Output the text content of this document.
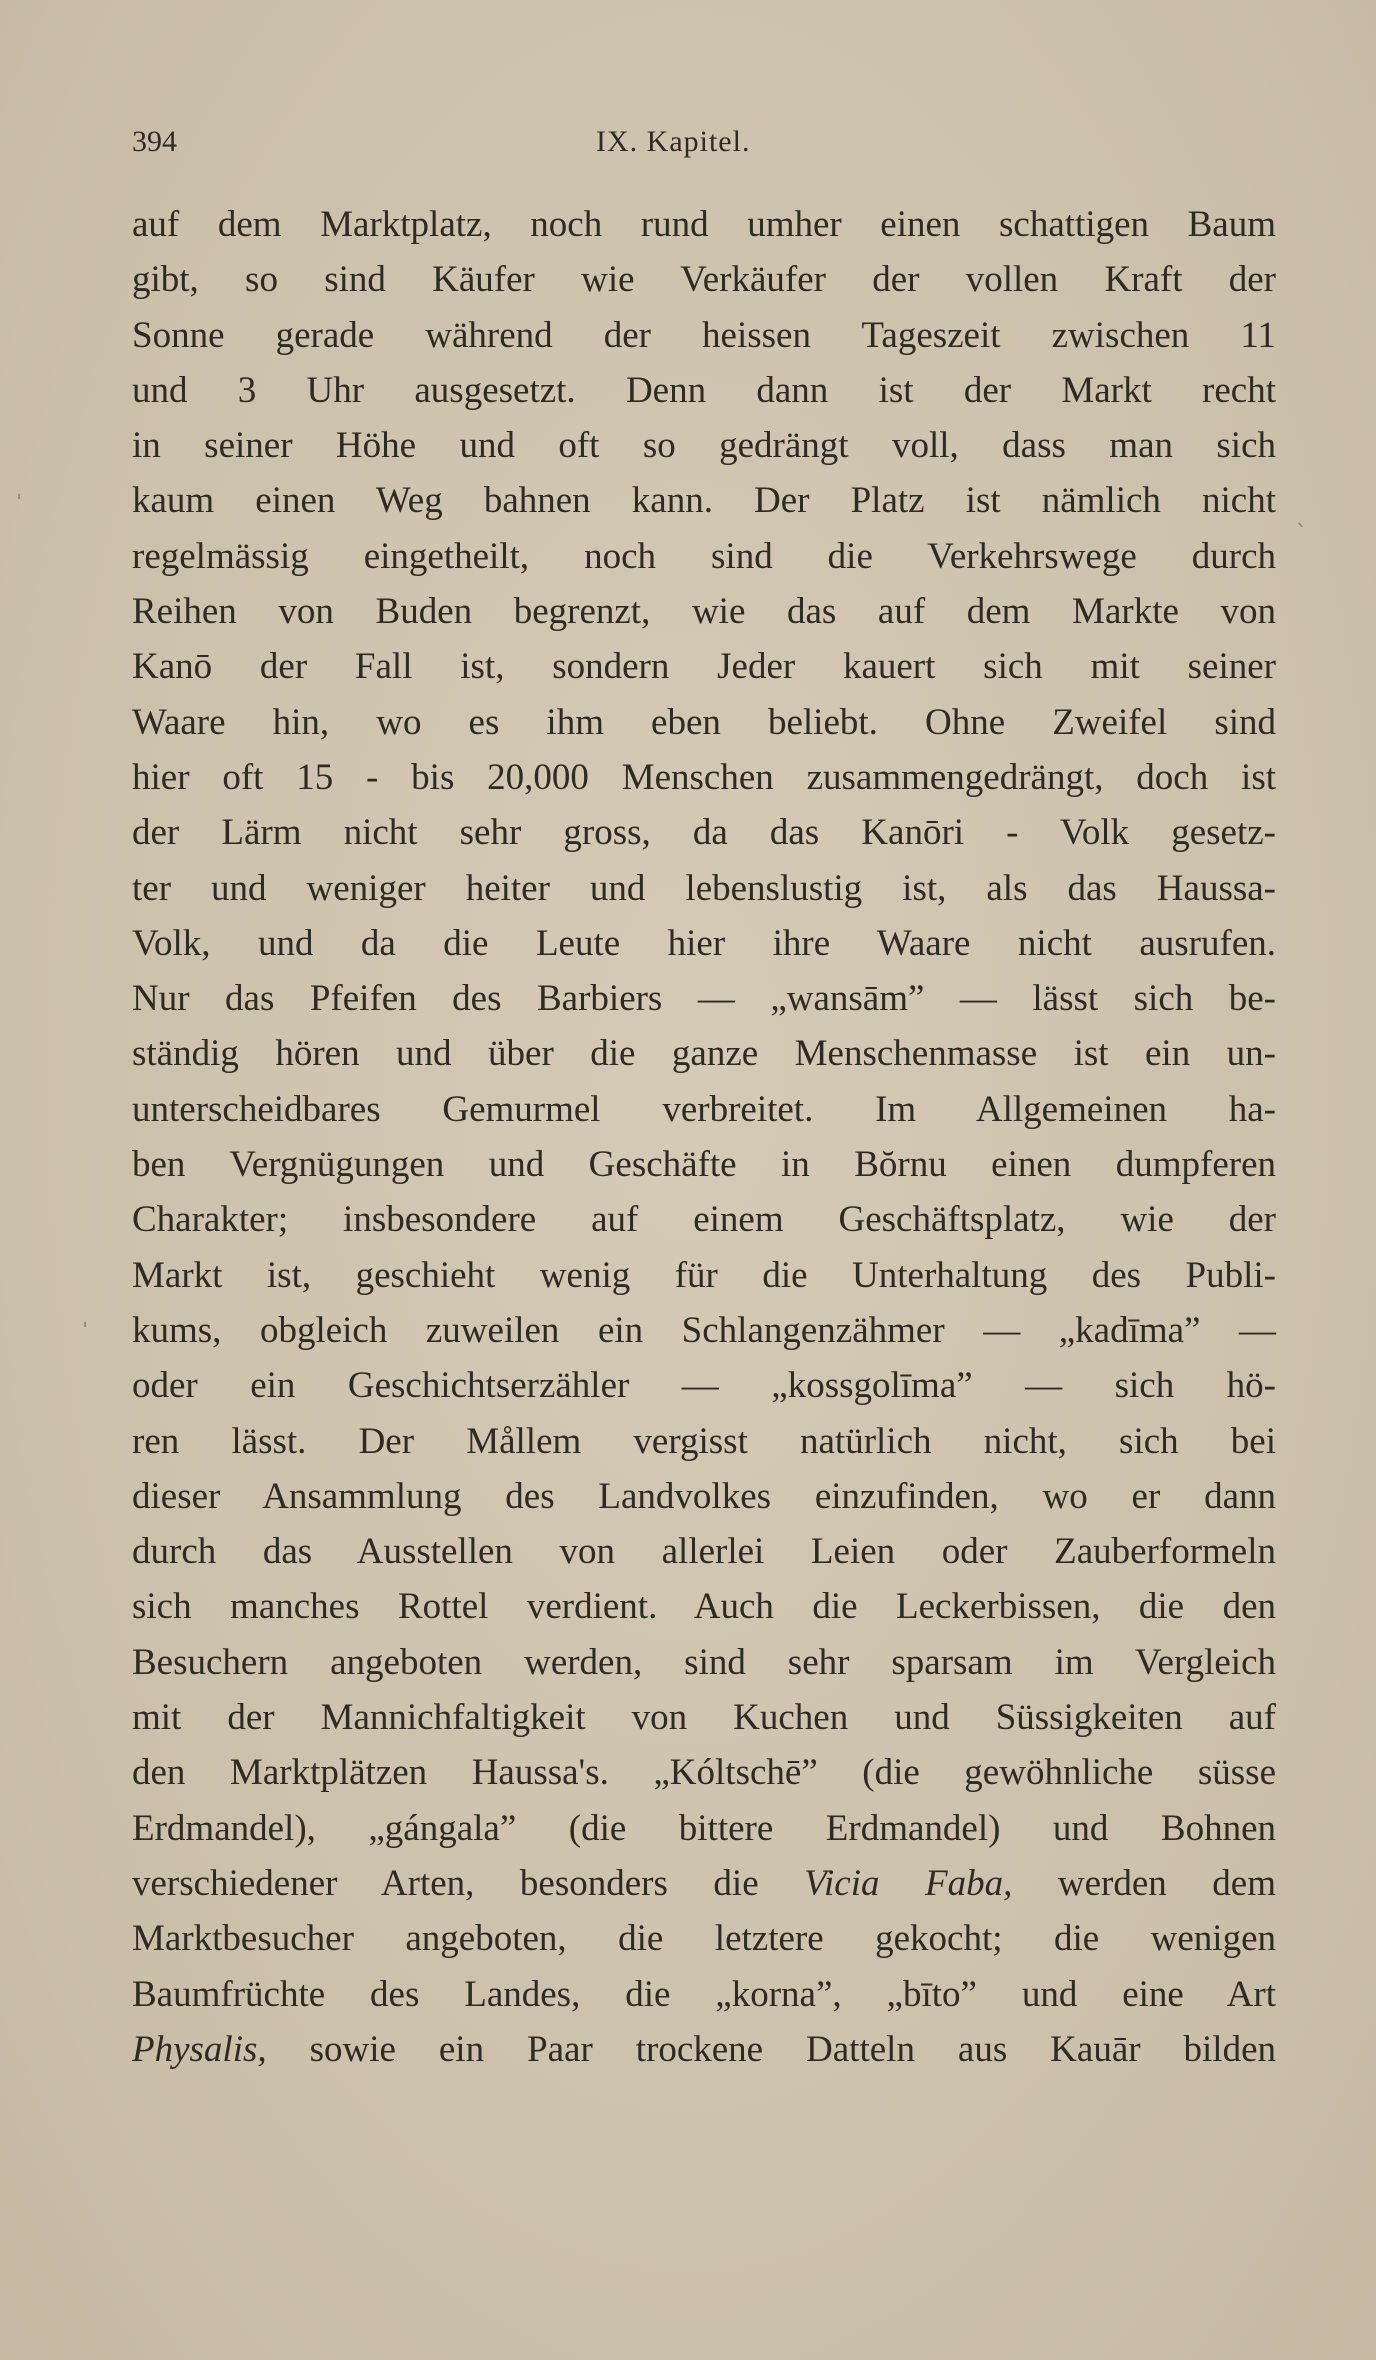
394	IX. Kapitel.
auf dem Marktplatz, noch rund umher einen schattigen Baum
gibt, so sind Käufer wie Verkäufer der vollen Kraft der
Sonne gerade während der heissen Tageszeit zwischen 11
und 3 Uhr ausgesetzt. Denn dann ist der Markt recht
in seiner Höhe und oft so gedrängt voll, dass man sich
kaum einen Weg bahnen kann. Der Platz ist nämlich nicht
regelmässig eingetheilt, noch sind die Verkehrswege durch
Reihen von Buden begrenzt, wie das auf dem Markte von
Kanō der Fall ist, sondern Jeder kauert sich mit seiner
Waare hin, wo es ihm eben beliebt. Ohne Zweifel sind
hier oft 15 - bis 20,000 Menschen zusammengedrängt, doch ist
der Lärm nicht sehr gross, da das Kanōri - Volk gesetz-
ter und weniger heiter und lebenslustig ist, als das Haussa-
Volk, und da die Leute hier ihre Waare nicht ausrufen.
Nur das Pfeifen des Barbiers — „wansām” — lässt sich be-
ständig hören und über die ganze Menschenmasse ist ein un-
unterscheidbares Gemurmel verbreitet. Im Allgemeinen ha-
ben Vergnügungen und Geschäfte in Bŏrnu einen dumpferen
Charakter; insbesondere auf einem Geschäftsplatz, wie der
Markt ist, geschieht wenig für die Unterhaltung des Publi-
kums, obgleich zuweilen ein Schlangenzähmer — „kadīma” —
oder ein Geschichtserzähler — „kossgolīma” — sich hö-
ren lässt. Der Mållem vergisst natürlich nicht, sich bei
dieser Ansammlung des Landvolkes einzufinden, wo er dann
durch das Ausstellen von allerlei Leien oder Zauberformeln
sich manches Rottel verdient. Auch die Leckerbissen, die den
Besuchern angeboten werden, sind sehr sparsam im Vergleich
mit der Mannichfaltigkeit von Kuchen und Süssigkeiten auf
den Marktplätzen Haussa's. „Kóltschē” (die gewöhnliche süsse
Erdmandel), „gángala” (die bittere Erdmandel) und Bohnen
verschiedener Arten, besonders die Vicia Faba, werden dem
Marktbesucher angeboten, die letztere gekocht; die wenigen
Baumfrüchte des Landes, die „korna”, „bīto” und eine Art
Physalis, sowie ein Paar trockene Datteln aus Kauār bilden
ˈ
ˋ
ˈ
